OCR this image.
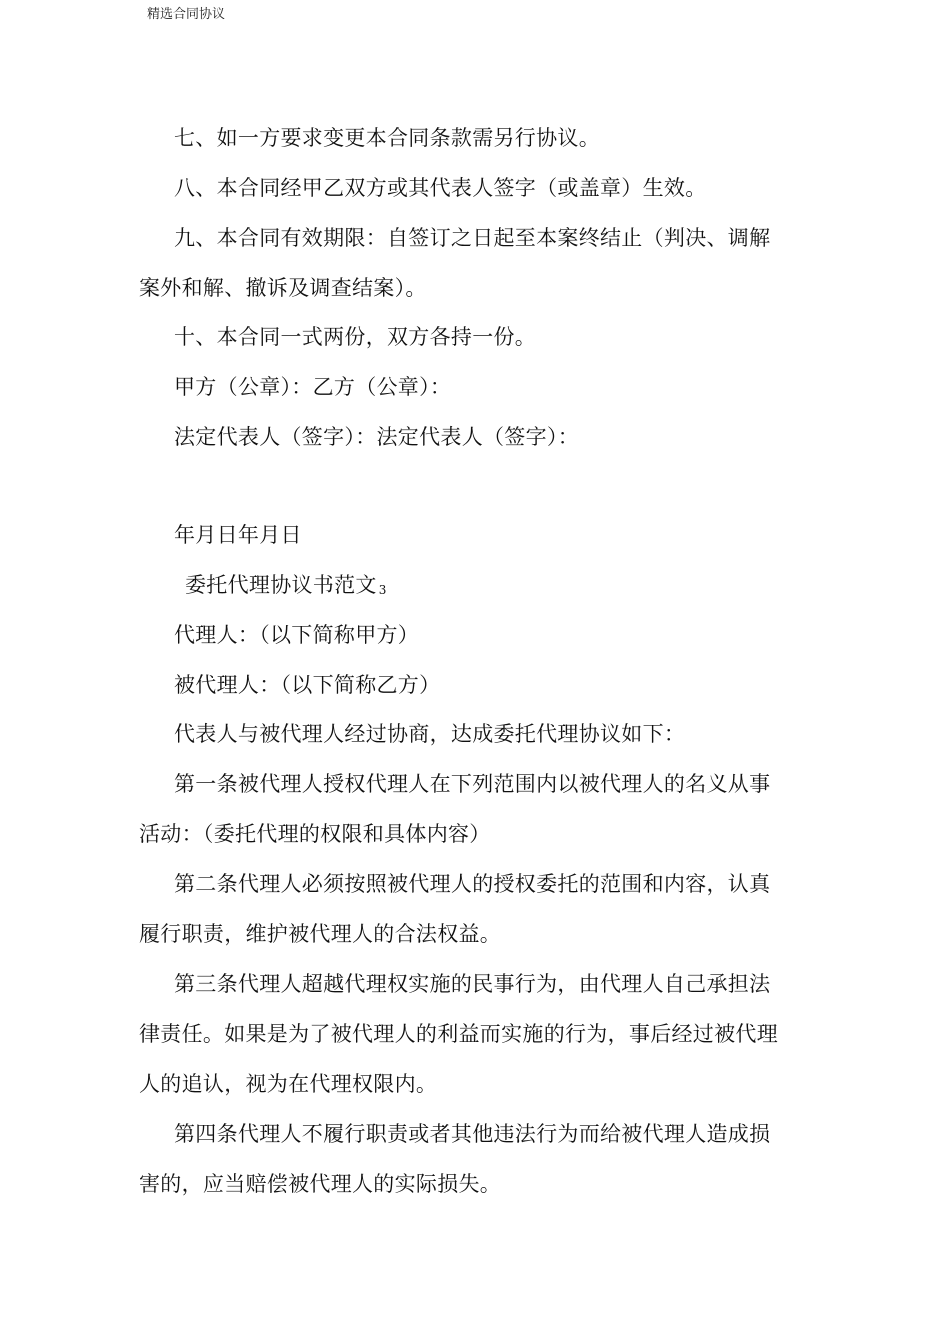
精选合同协议
七、如一方要求变更本合同条款需另行协议。
八、本合同经甲乙双方或其代表人签字（或盖章）生效。
九、本合同有效期限：自签订之日起至本案终结止（判决、调解
案外和解、撤诉及调查结案）。
十、本合同一式两份，双方各持一份。
甲方（公章）：乙方（公章）：
法定代表人（签字）：法定代表人（签字）：
年月日年月日
委托代理协议书范文 3
代理人：（以下简称甲方）
被代理人：（以下简称乙方）
代表人与被代理人经过协商，达成委托代理协议如下：
第一条被代理人授权代理人在下列范围内以被代理人的名义从事
活动：（委托代理的权限和具体内容）
第二条代理人必须按照被代理人的授权委托的范围和内容，认真
履行职责，维护被代理人的合法权益。
第三条代理人超越代理权实施的民事行为，由代理人自己承担法
律责任。如果是为了被代理人的利益而实施的行为，事后经过被代理
人的追认，视为在代理权限内。
第四条代理人不履行职责或者其他违法行为而给被代理人造成损
害的，应当赔偿被代理人的实际损失。
